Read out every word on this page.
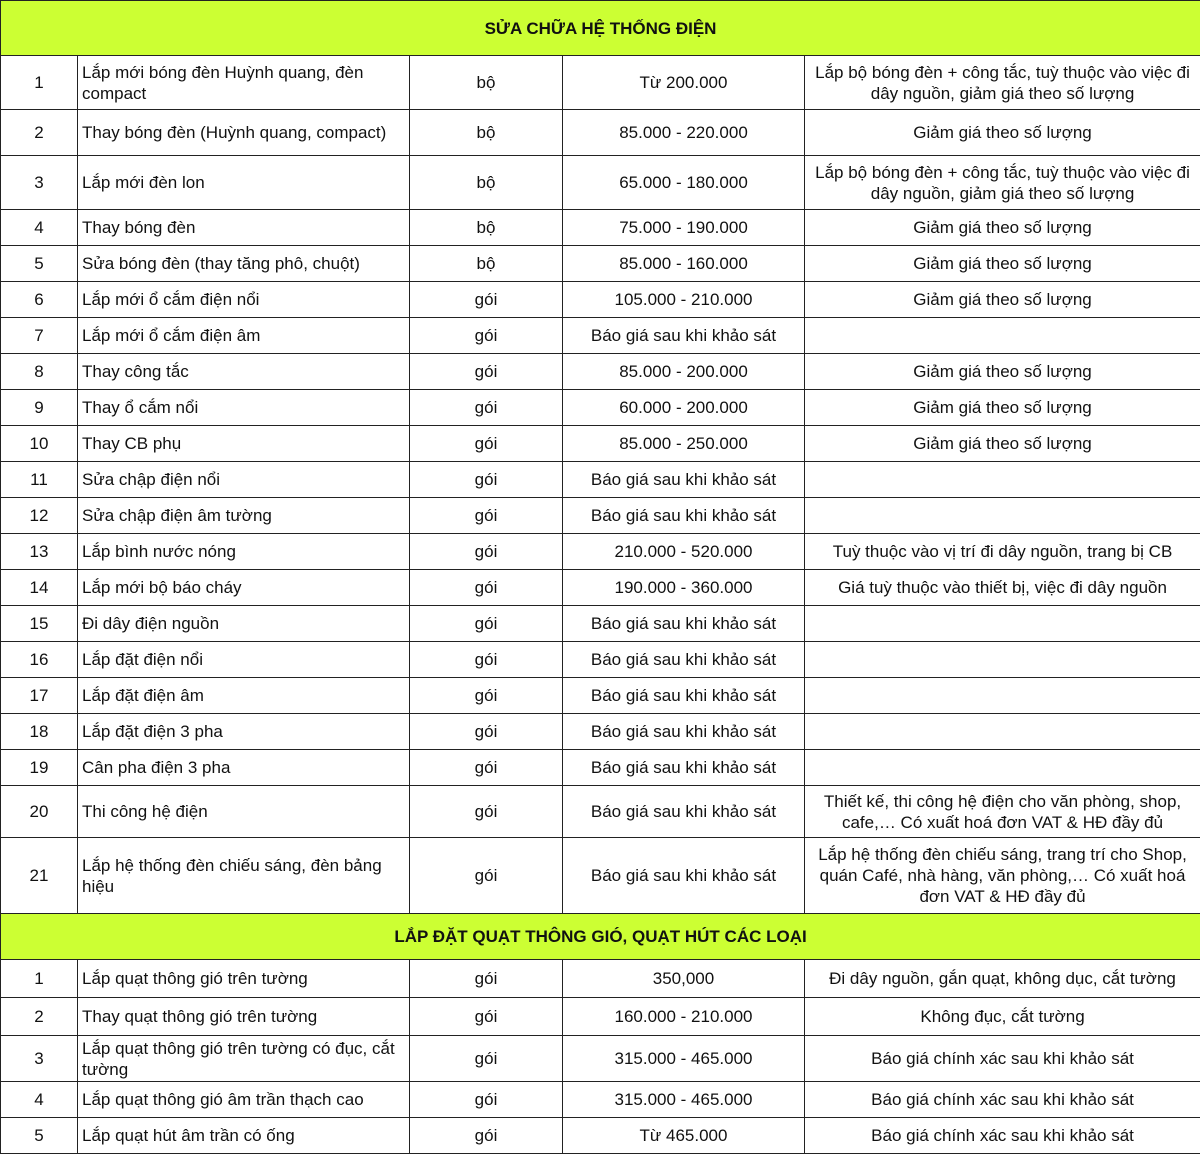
SỬA CHỮA HỆ THỐNG ĐIỆN				
1	Lắp mới bóng đèn Huỳnh quang, đèn compact	bộ	Từ 200.000	Lắp bộ bóng đèn + công tắc, tuỳ thuộc vào việc đi dây nguồn, giảm giá theo số lượng
2	Thay bóng đèn (Huỳnh quang, compact)	bộ	85.000 - 220.000	Giảm giá theo số lượng
3	Lắp mới đèn lon	bộ	65.000 - 180.000	Lắp bộ bóng đèn + công tắc, tuỳ thuộc vào việc đi dây nguồn, giảm giá theo số lượng
4	Thay bóng đèn	bộ	75.000 - 190.000	Giảm giá theo số lượng
5	Sửa bóng đèn (thay tăng phô, chuột)	bộ	85.000 - 160.000	Giảm giá theo số lượng
6	Lắp mới ổ cắm điện nổi	gói	105.000 - 210.000	Giảm giá theo số lượng
7	Lắp mới ổ cắm điện âm	gói	Báo giá sau khi khảo sát	
8	Thay công tắc	gói	85.000 - 200.000	Giảm giá theo số lượng
9	Thay ổ cắm nổi	gói	60.000 - 200.000	Giảm giá theo số lượng
10	Thay CB phụ	gói	85.000 - 250.000	Giảm giá theo số lượng
11	Sửa chập điện nổi	gói	Báo giá sau khi khảo sát	
12	Sửa chập điện âm tường	gói	Báo giá sau khi khảo sát	
13	Lắp bình nước nóng	gói	210.000 - 520.000	Tuỳ thuộc vào vị trí đi dây nguồn, trang bị CB
14	Lắp mới bộ báo cháy	gói	190.000 - 360.000	Giá tuỳ thuộc vào thiết bị, việc đi dây nguồn
15	Đi dây điện nguồn	gói	Báo giá sau khi khảo sát	
16	Lắp đặt điện nổi	gói	Báo giá sau khi khảo sát	
17	Lắp đặt điện âm	gói	Báo giá sau khi khảo sát	
18	Lắp đặt điện 3 pha	gói	Báo giá sau khi khảo sát	
19	Cân pha điện 3 pha	gói	Báo giá sau khi khảo sát	
20	Thi công hệ điện	gói	Báo giá sau khi khảo sát	Thiết kế, thi công hệ điện cho văn phòng, shop, cafe,… Có xuất hoá đơn VAT & HĐ đầy đủ
21	Lắp hệ thống đèn chiếu sáng, đèn bảng hiệu	gói	Báo giá sau khi khảo sát	Lắp hệ thống đèn chiếu sáng, trang trí cho Shop, quán Café, nhà hàng, văn phòng,… Có xuất hoá đơn VAT & HĐ đầy đủ
LẮP ĐẶT QUẠT THÔNG GIÓ, QUẠT HÚT CÁC LOẠI				
1	Lắp quạt thông gió trên tường	gói	350,000	Đi dây nguồn, gắn quạt, không dục, cắt tường
2	Thay quạt thông gió trên tường	gói	160.000 - 210.000	Không đục, cắt tường
3	Lắp quạt thông gió trên tường có đục, cắt tường	gói	315.000 - 465.000	Báo giá chính xác sau khi khảo sát
4	Lắp quạt thông gió âm trần thạch cao	gói	315.000 - 465.000	Báo giá chính xác sau khi khảo sát
5	Lắp quạt hút âm trần có ống	gói	Từ 465.000	Báo giá chính xác sau khi khảo sát
